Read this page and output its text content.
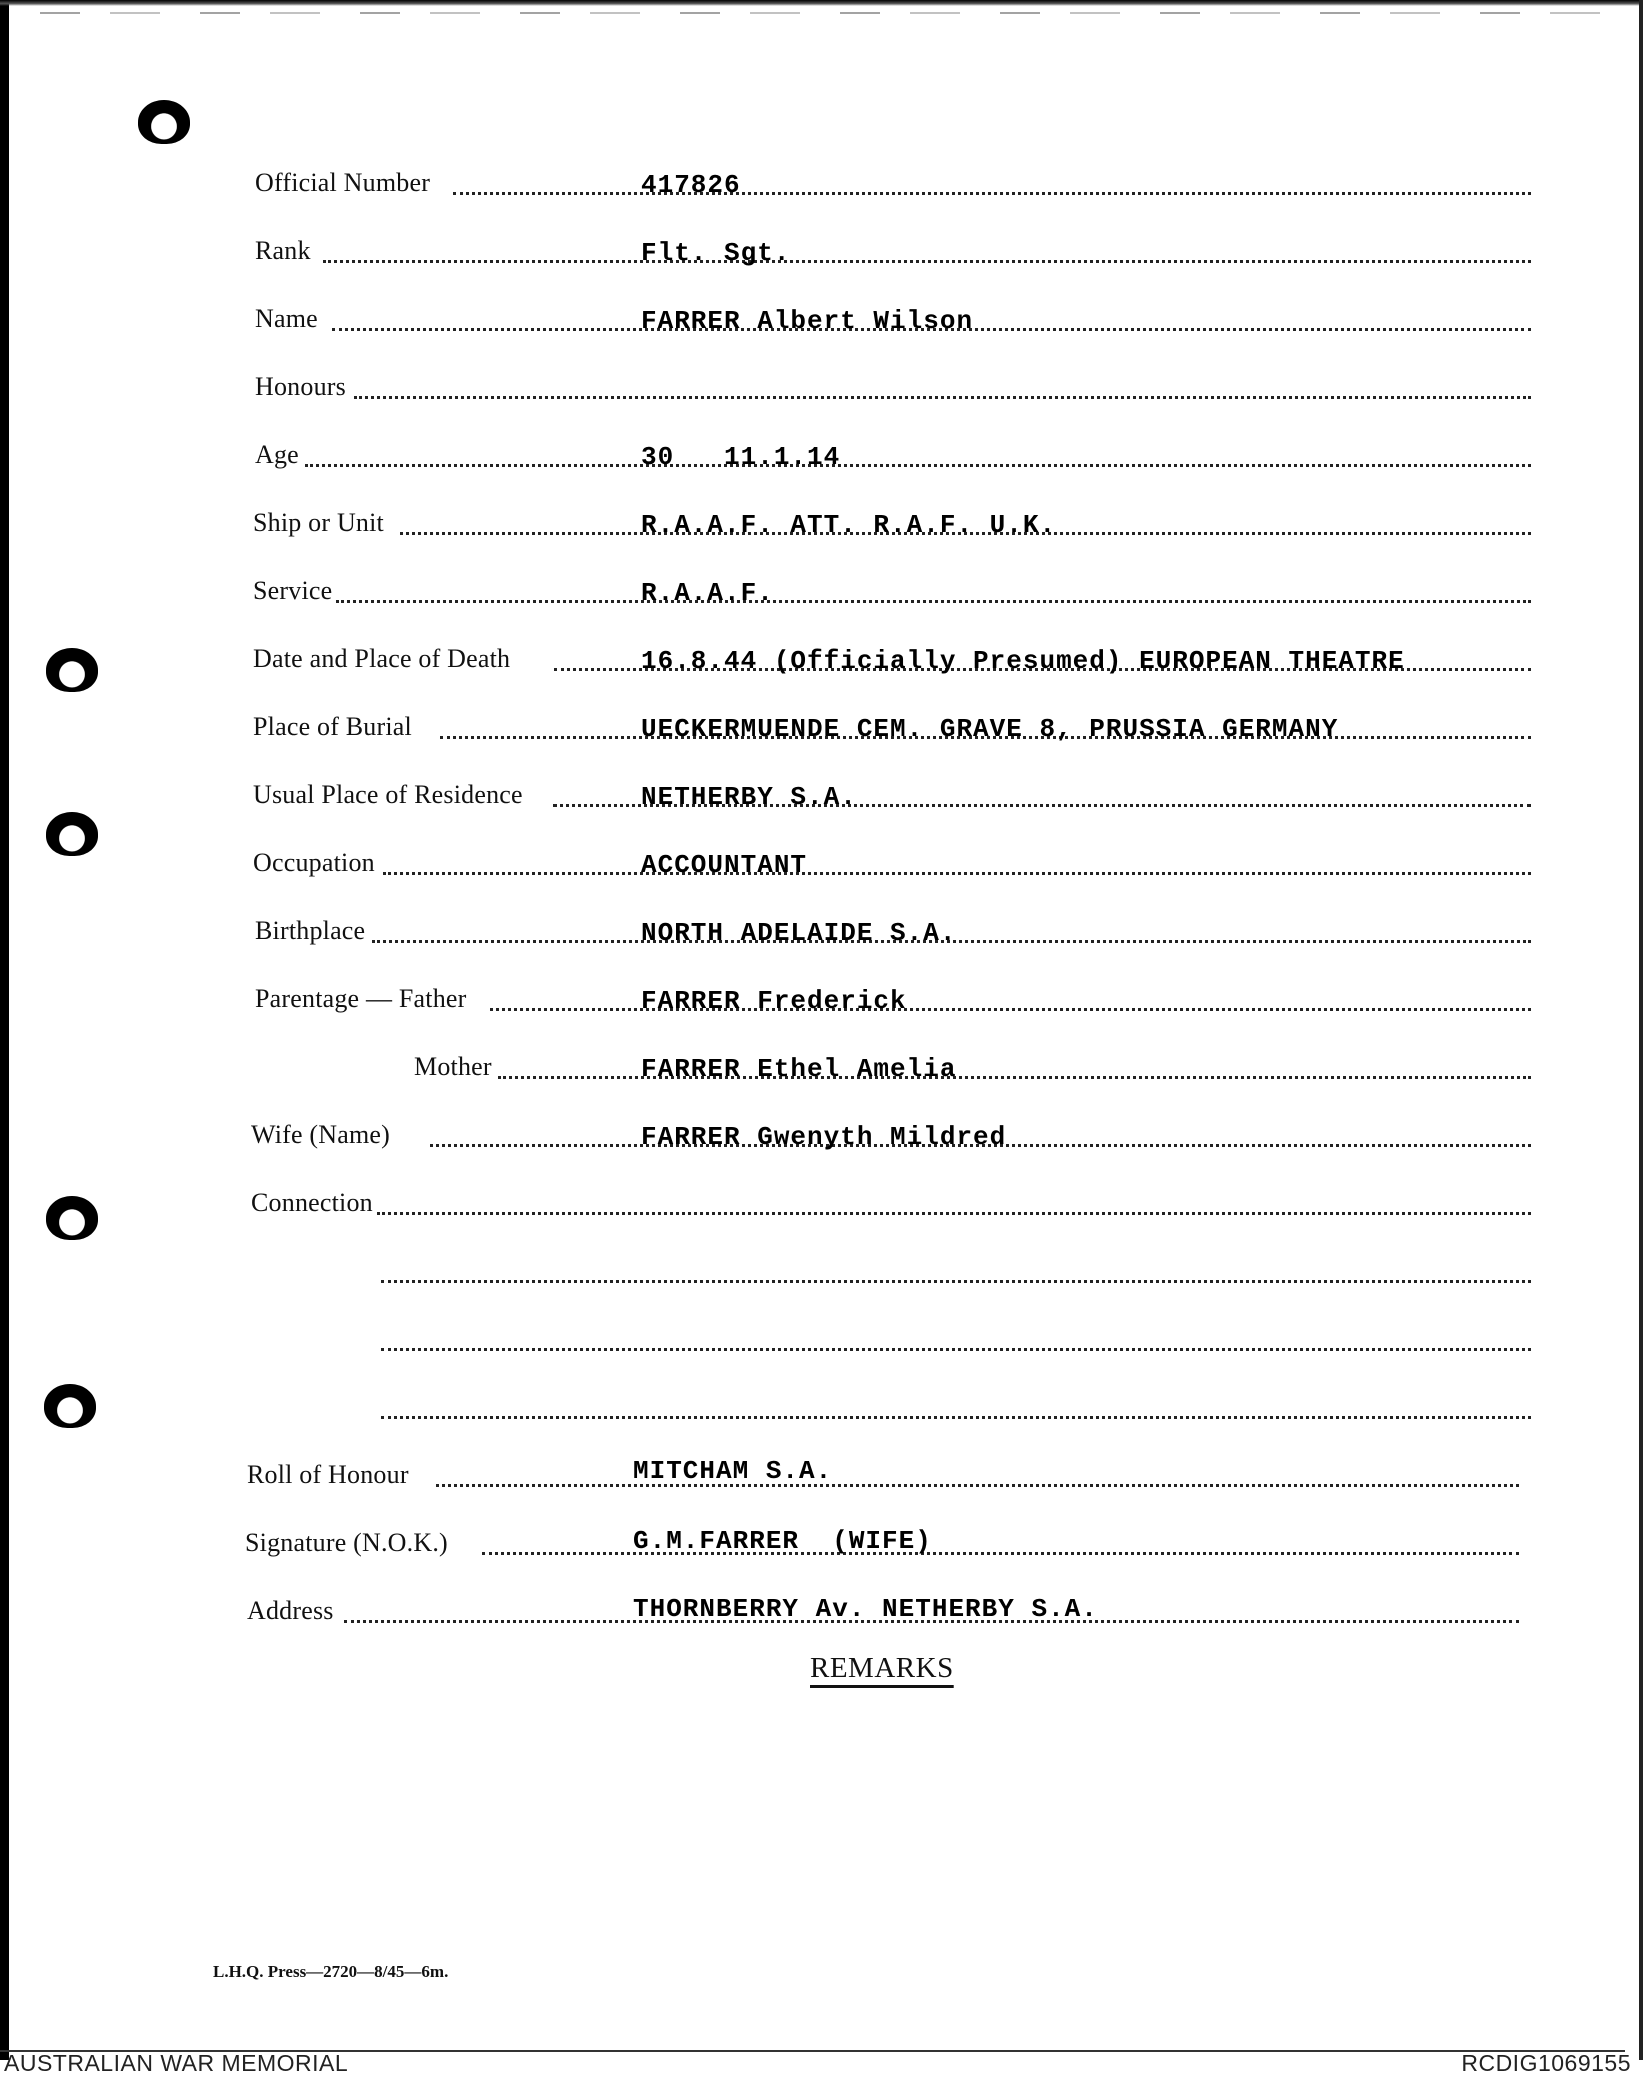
Official Number	417826
Rank	Flt. Sgt.
Name	FARRER Albert Wilson
Honours
Age	30   11.1.14
Ship or Unit	R.A.A.F. ATT. R.A.F. U.K.
Service	R.A.A.F.
Date and Place of Death	16.8.44 (Officially Presumed) EUROPEAN THEATRE
Place of Burial	UECKERMUENDE CEM. GRAVE 8, PRUSSIA GERMANY
Usual Place of Residence	NETHERBY S.A.
Occupation	ACCOUNTANT
Birthplace	NORTH ADELAIDE S.A.
Parentage — Father	FARRER Frederick
Mother	FARRER Ethel Amelia
Wife (Name)	FARRER Gwenyth Mildred
Connection
Roll of Honour	MITCHAM S.A.
Signature (N.O.K.)	G.M.FARRER  (WIFE)
Address	THORNBERRY Av. NETHERBY S.A.
REMARKS
L.H.Q. Press—2720—8/45—6m.
AUSTRALIAN WAR MEMORIAL	RCDIG1069155
